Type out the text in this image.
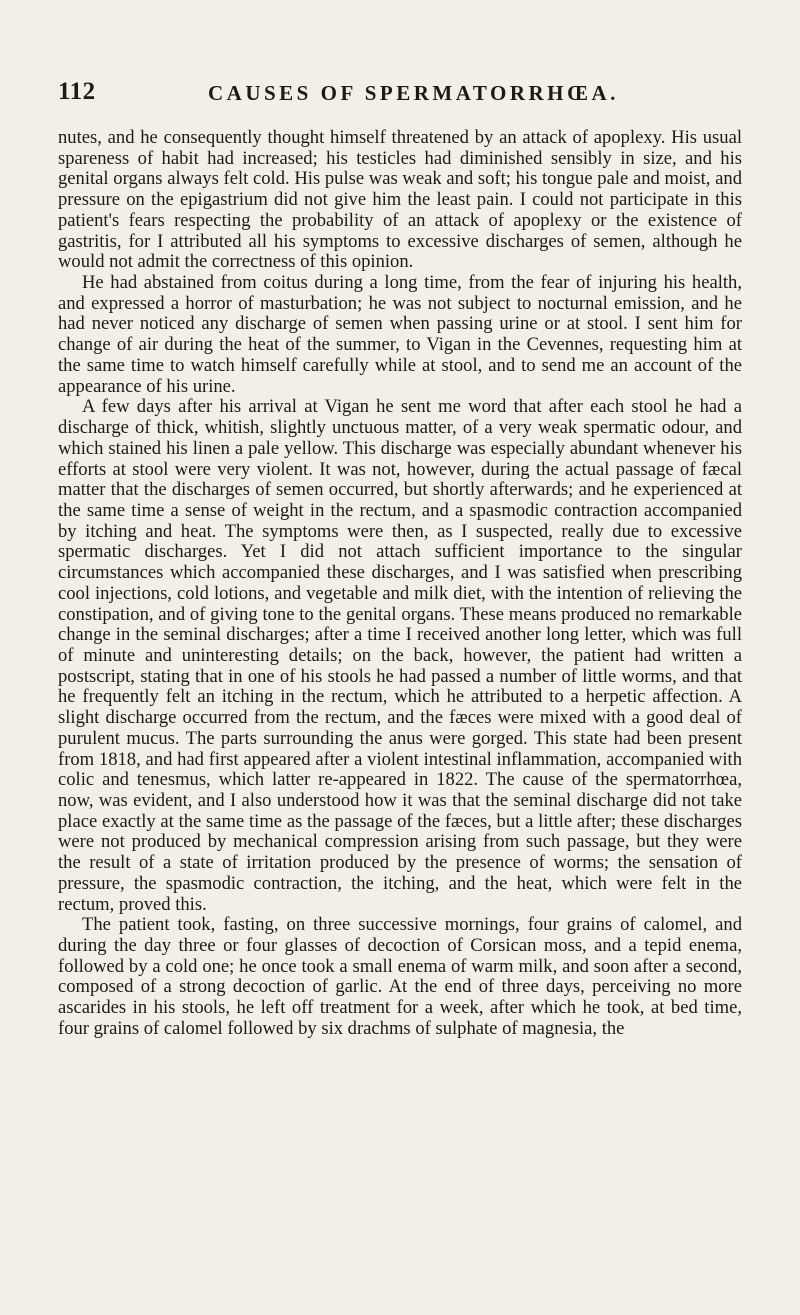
112	CAUSES OF SPERMATORRHŒA.

nutes, and he consequently thought himself threatened by an attack of apoplexy. His usual spareness of habit had increased; his testicles had diminished sensibly in size, and his genital organs always felt cold. His pulse was weak and soft; his tongue pale and moist, and pressure on the epigastrium did not give him the least pain. I could not participate in this patient's fears respecting the probability of an attack of apoplexy or the existence of gastritis, for I attributed all his symptoms to excessive discharges of semen, although he would not admit the correctness of this opinion.

He had abstained from coitus during a long time, from the fear of injuring his health, and expressed a horror of masturbation; he was not subject to nocturnal emission, and he had never noticed any discharge of semen when passing urine or at stool. I sent him for change of air during the heat of the summer, to Vigan in the Cevennes, requesting him at the same time to watch himself carefully while at stool, and to send me an account of the appearance of his urine.

A few days after his arrival at Vigan he sent me word that after each stool he had a discharge of thick, whitish, slightly unctuous matter, of a very weak spermatic odour, and which stained his linen a pale yellow. This discharge was especially abundant whenever his efforts at stool were very violent. It was not, however, during the actual passage of fæcal matter that the discharges of semen occurred, but shortly afterwards; and he experienced at the same time a sense of weight in the rectum, and a spasmodic contraction accompanied by itching and heat. The symptoms were then, as I suspected, really due to excessive spermatic discharges. Yet I did not attach sufficient importance to the singular circumstances which accompanied these discharges, and I was satisfied when prescribing cool injections, cold lotions, and vegetable and milk diet, with the intention of relieving the constipation, and of giving tone to the genital organs. These means produced no remarkable change in the seminal discharges; after a time I received another long letter, which was full of minute and uninteresting details; on the back, however, the patient had written a postscript, stating that in one of his stools he had passed a number of little worms, and that he frequently felt an itching in the rectum, which he attributed to a herpetic affection. A slight discharge occurred from the rectum, and the fæces were mixed with a good deal of purulent mucus. The parts surrounding the anus were gorged. This state had been present from 1818, and had first appeared after a violent intestinal inflammation, accompanied with colic and tenesmus, which latter re-appeared in 1822. The cause of the spermatorrhœa, now, was evident, and I also understood how it was that the seminal discharge did not take place exactly at the same time as the passage of the fæces, but a little after; these discharges were not produced by mechanical compression arising from such passage, but they were the result of a state of irritation produced by the presence of worms; the sensation of pressure, the spasmodic contraction, the itching, and the heat, which were felt in the rectum, proved this.

The patient took, fasting, on three successive mornings, four grains of calomel, and during the day three or four glasses of decoction of Corsican moss, and a tepid enema, followed by a cold one; he once took a small enema of warm milk, and soon after a second, composed of a strong decoction of garlic. At the end of three days, perceiving no more ascarides in his stools, he left off treatment for a week, after which he took, at bed time, four grains of calomel followed by six drachms of sulphate of magnesia, the
